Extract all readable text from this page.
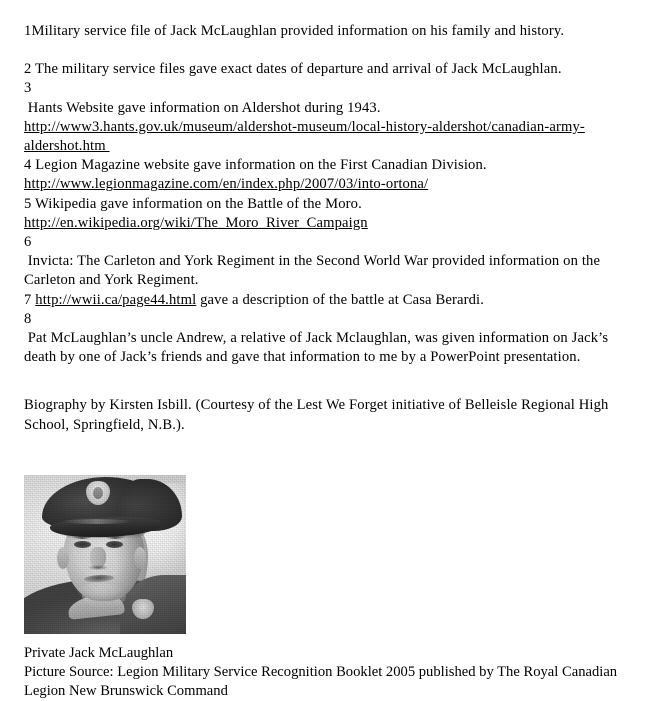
1Military service file of Jack McLaughlan provided information on his family and history.
2 The military service files gave exact dates of departure and arrival of Jack McLaughlan.
3
Hants Website gave information on Aldershot during 1943.
http://www3.hants.gov.uk/museum/aldershot-museum/local-history-aldershot/canadian-army-
aldershot.htm
4 Legion Magazine website gave information on the First Canadian Division.
http://www.legionmagazine.com/en/index.php/2007/03/into-ortona/
5 Wikipedia gave information on the Battle of the Moro.
http://en.wikipedia.org/wiki/The_Moro_River_Campaign
6
Invicta: The Carleton and York Regiment in the Second World War provided information on the Carleton and York Regiment.
7 http://wwii.ca/page44.html gave a description of the battle at Casa Berardi.
8
Pat McLaughlan’s uncle Andrew, a relative of Jack Mclaughlan, was given information on Jack’s death by one of Jack’s friends and gave that information to me by a PowerPoint presentation.
Biography by Kirsten Isbill. (Courtesy of the Lest We Forget initiative of Belleisle Regional High School, Springfield, N.B.).
Private Jack McLaughlan
Picture Source: Legion Military Service Recognition Booklet 2005 published by The Royal Canadian Legion New Brunswick Command
